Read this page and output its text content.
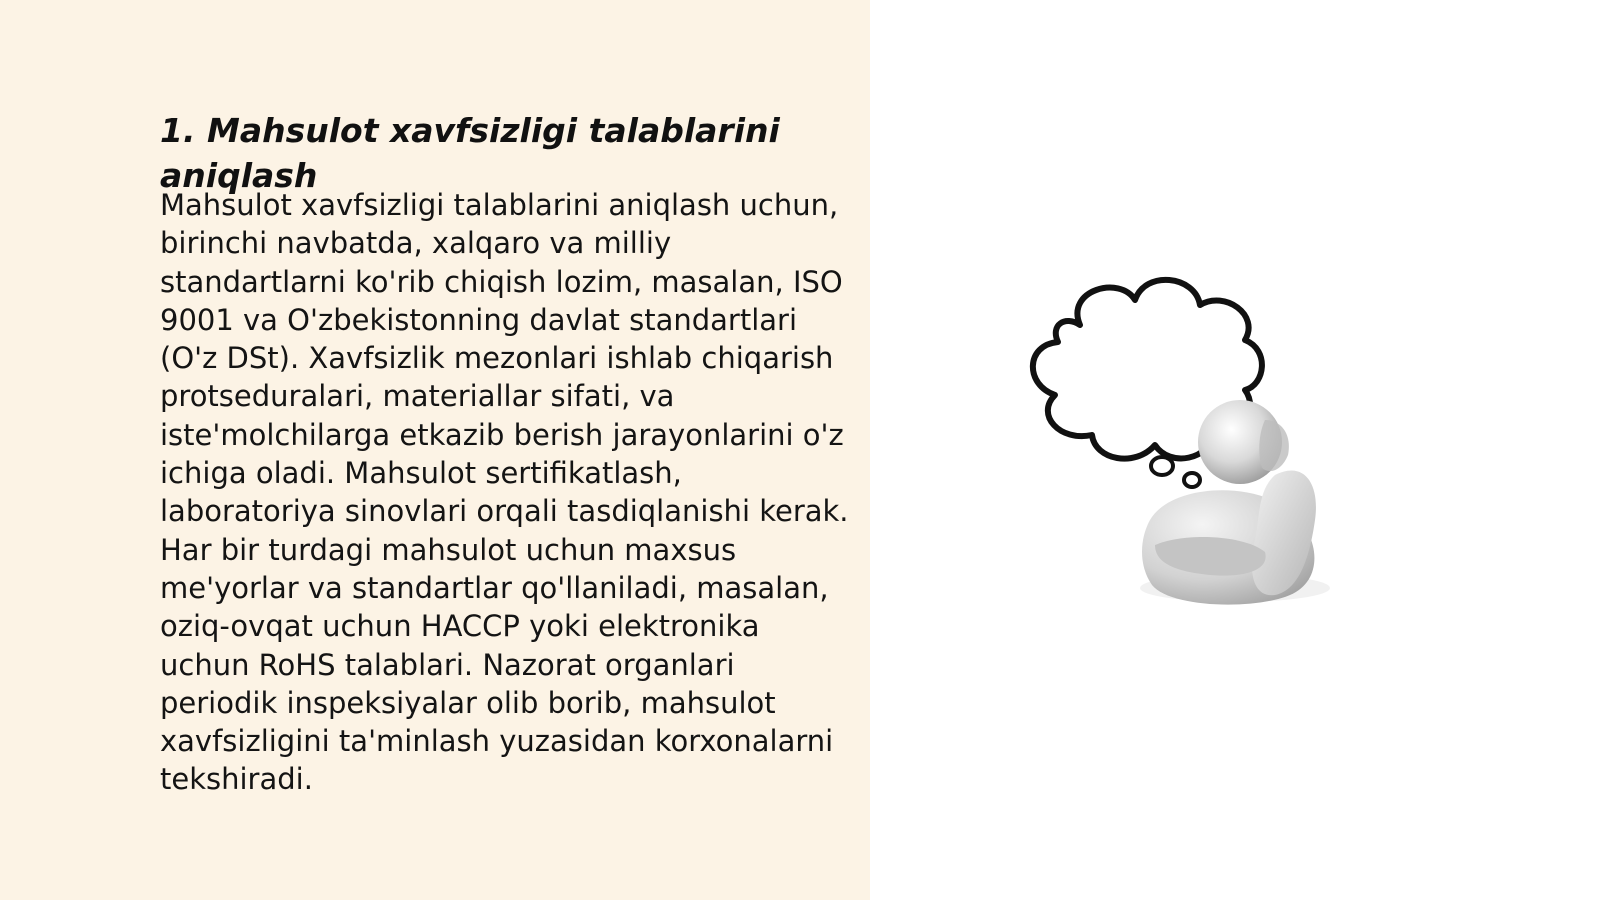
1. Mahsulot xavfsizligi talablarini aniqlash

Mahsulot xavfsizligi talablarini aniqlash uchun, birinchi navbatda, xalqaro va milliy standartlarni ko'rib chiqish lozim, masalan, ISO 9001 va O'zbekistonning davlat standartlari (O'z DSt). Xavfsizlik mezonlari ishlab chiqarish protseduralari, materiallar sifati, va iste'molchilarga etkazib berish jarayonlarini o'z ichiga oladi. Mahsulot sertifikatlash, laboratoriya sinovlari orqali tasdiqlanishi kerak. Har bir turdagi mahsulot uchun maxsus me'yorlar va standartlar qo'llaniladi, masalan, oziq-ovqat uchun HACCP yoki elektronika uchun RoHS talablari. Nazorat organlari periodik inspeksiyalar olib borib, mahsulot xavfsizligini ta'minlash yuzasidan korxonalarni tekshiradi.
